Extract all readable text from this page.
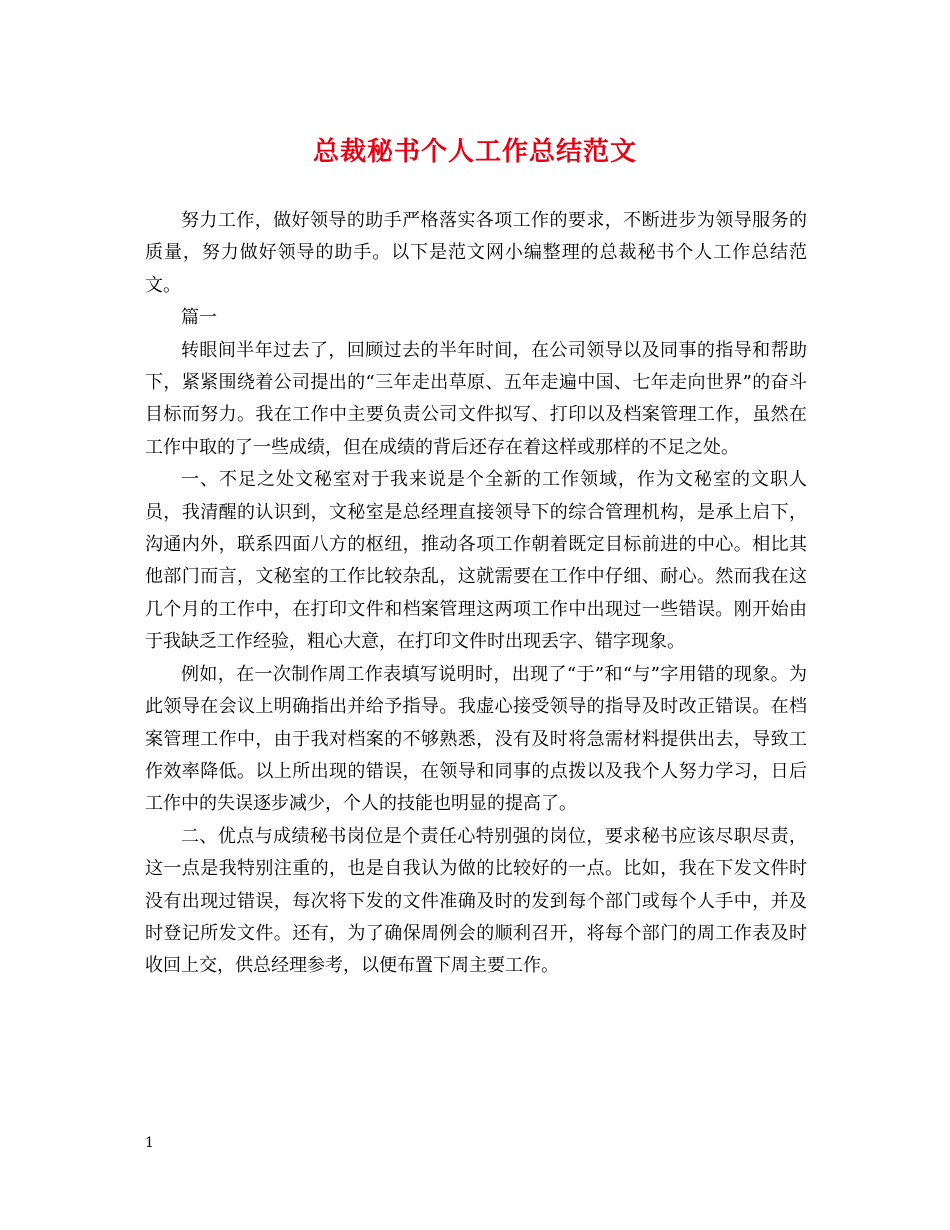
总裁秘书个人工作总结范文

努力工作，做好领导的助手严格落实各项工作的要求，不断进步为领导服务的质量，努力做好领导的助手。以下是范文网小编整理的总裁秘书个人工作总结范文。

篇一

转眼间半年过去了，回顾过去的半年时间，在公司领导以及同事的指导和帮助下，紧紧围绕着公司提出的“三年走出草原、五年走遍中国、七年走向世界”的奋斗目标而努力。我在工作中主要负责公司文件拟写、打印以及档案管理工作，虽然在工作中取的了一些成绩，但在成绩的背后还存在着这样或那样的不足之处。

一、不足之处文秘室对于我来说是个全新的工作领域，作为文秘室的文职人员，我清醒的认识到，文秘室是总经理直接领导下的综合管理机构，是承上启下，沟通内外，联系四面八方的枢纽，推动各项工作朝着既定目标前进的中心。相比其他部门而言，文秘室的工作比较杂乱，这就需要在工作中仔细、耐心。然而我在这几个月的工作中，在打印文件和档案管理这两项工作中出现过一些错误。刚开始由于我缺乏工作经验，粗心大意，在打印文件时出现丢字、错字现象。

例如，在一次制作周工作表填写说明时，出现了“于”和“与”字用错的现象。为此领导在会议上明确指出并给予指导。我虚心接受领导的指导及时改正错误。在档案管理工作中，由于我对档案的不够熟悉，没有及时将急需材料提供出去，导致工作效率降低。以上所出现的错误，在领导和同事的点拨以及我个人努力学习，日后工作中的失误逐步减少，个人的技能也明显的提高了。

二、优点与成绩秘书岗位是个责任心特别强的岗位，要求秘书应该尽职尽责，这一点是我特别注重的，也是自我认为做的比较好的一点。比如，我在下发文件时没有出现过错误，每次将下发的文件准确及时的发到每个部门或每个人手中，并及时登记所发文件。还有，为了确保周例会的顺利召开，将每个部门的周工作表及时收回上交，供总经理参考，以便布置下周主要工作。

1
